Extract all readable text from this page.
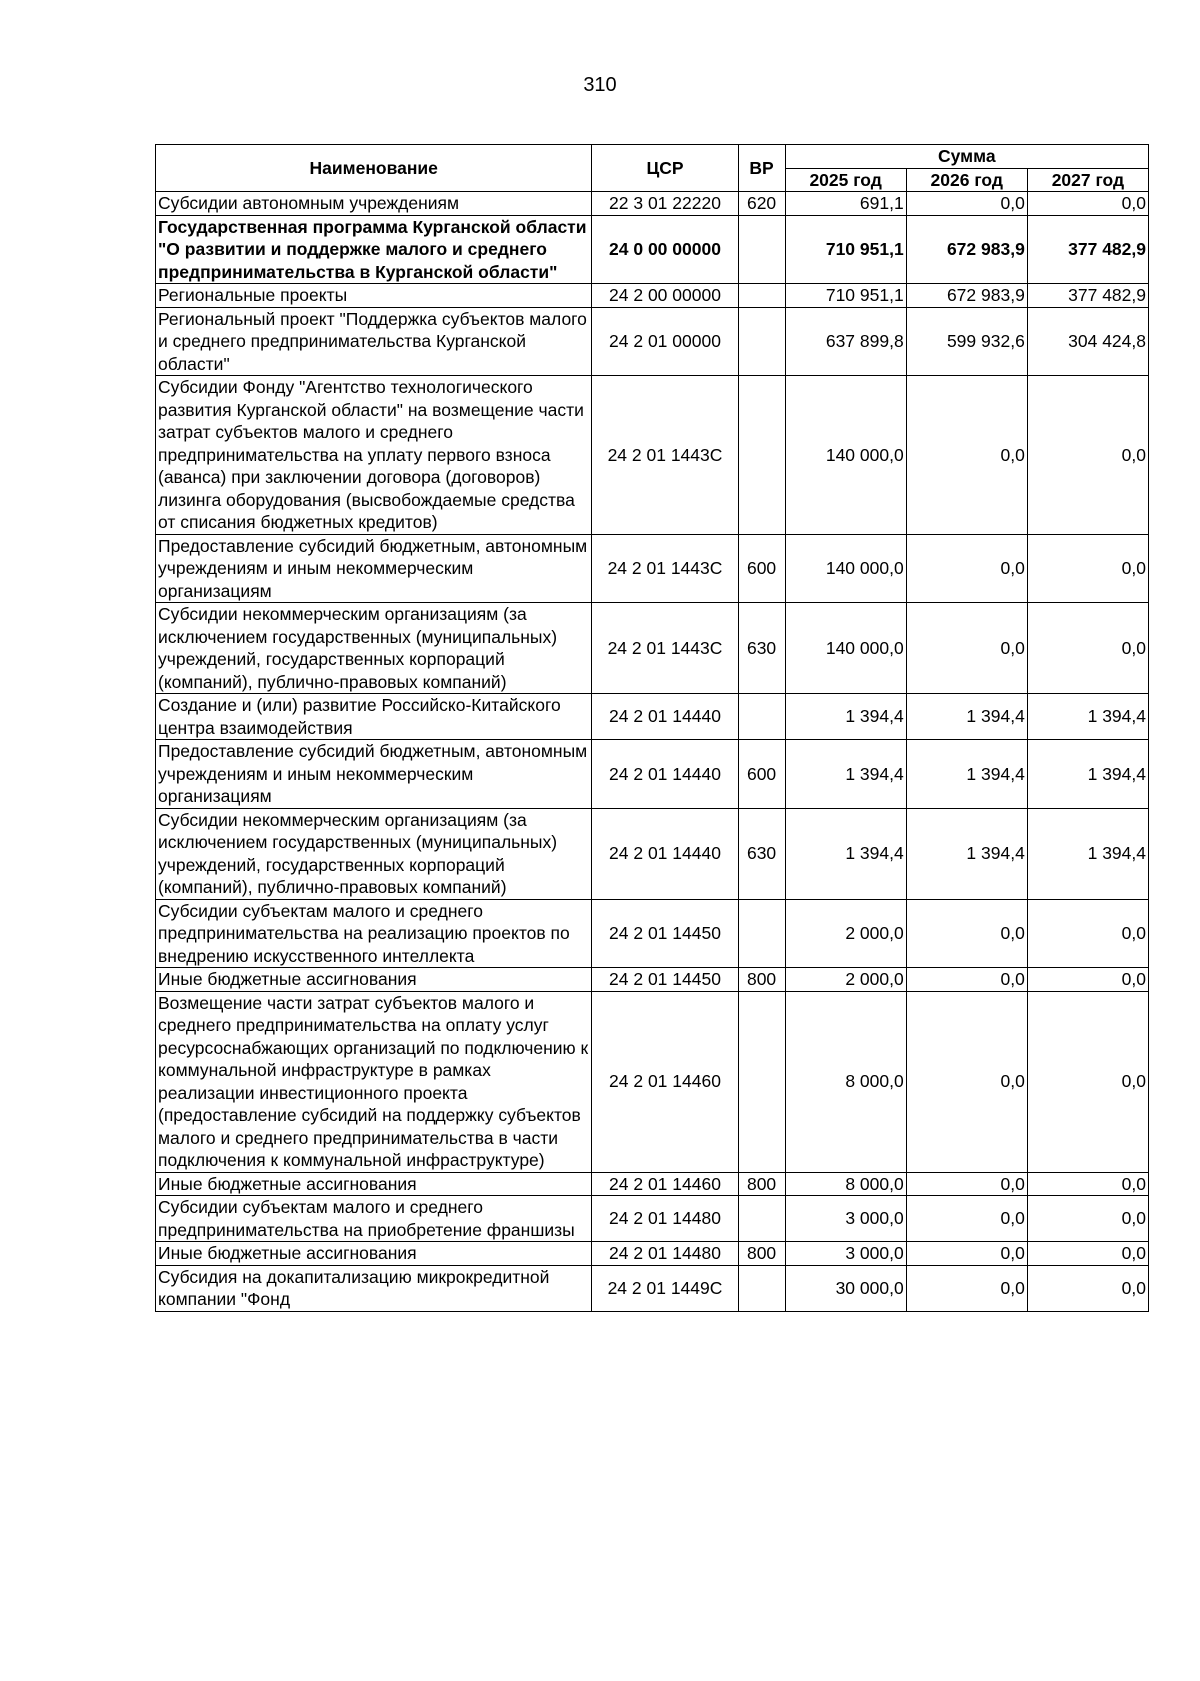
310
Наименование	ЦСР	ВР	Сумма		
			2025 год	2026 год	2027 год
Субсидии автономным учреждениям	22 3 01 22220	620	691,1	0,0	0,0
Государственная программа Курганской области "О развитии и поддержке малого и среднего предпринимательства в Курганской области"	24 0 00 00000		710 951,1	672 983,9	377 482,9
Региональные проекты	24 2 00 00000		710 951,1	672 983,9	377 482,9
Региональный проект "Поддержка субъектов малого и среднего предпринимательства Курганской области"	24 2 01 00000		637 899,8	599 932,6	304 424,8
Субсидии Фонду "Агентство технологического развития Курганской области" на возмещение части затрат субъектов малого и среднего предпринимательства на уплату первого взноса (аванса) при заключении договора (договоров) лизинга оборудования (высвобождаемые средства от списания бюджетных кредитов)	24 2 01 1443С		140 000,0	0,0	0,0
Предоставление субсидий бюджетным, автономным учреждениям и иным некоммерческим организациям	24 2 01 1443С	600	140 000,0	0,0	0,0
Субсидии некоммерческим организациям (за исключением государственных (муниципальных) учреждений, государственных корпораций (компаний), публично-правовых компаний)	24 2 01 1443С	630	140 000,0	0,0	0,0
Создание и (или) развитие Российско-Китайского центра взаимодействия	24 2 01 14440		1 394,4	1 394,4	1 394,4
Предоставление субсидий бюджетным, автономным учреждениям и иным некоммерческим организациям	24 2 01 14440	600	1 394,4	1 394,4	1 394,4
Субсидии некоммерческим организациям (за исключением государственных (муниципальных) учреждений, государственных корпораций (компаний), публично-правовых компаний)	24 2 01 14440	630	1 394,4	1 394,4	1 394,4
Субсидии субъектам малого и среднего предпринимательства на реализацию проектов по внедрению искусственного интеллекта	24 2 01 14450		2 000,0	0,0	0,0
Иные бюджетные ассигнования	24 2 01 14450	800	2 000,0	0,0	0,0
Возмещение части затрат субъектов малого и среднего предпринимательства на оплату услуг ресурсоснабжающих организаций по подключению к коммунальной инфраструктуре в рамках реализации инвестиционного проекта (предоставление субсидий на поддержку субъектов малого и среднего предпринимательства в части подключения к коммунальной инфраструктуре)	24 2 01 14460		8 000,0	0,0	0,0
Иные бюджетные ассигнования	24 2 01 14460	800	8 000,0	0,0	0,0
Субсидии субъектам малого и среднего предпринимательства на приобретение франшизы	24 2 01 14480		3 000,0	0,0	0,0
Иные бюджетные ассигнования	24 2 01 14480	800	3 000,0	0,0	0,0
Субсидия на докапитализацию микрокредитной компании "Фонд	24 2 01 1449С		30 000,0	0,0	0,0
